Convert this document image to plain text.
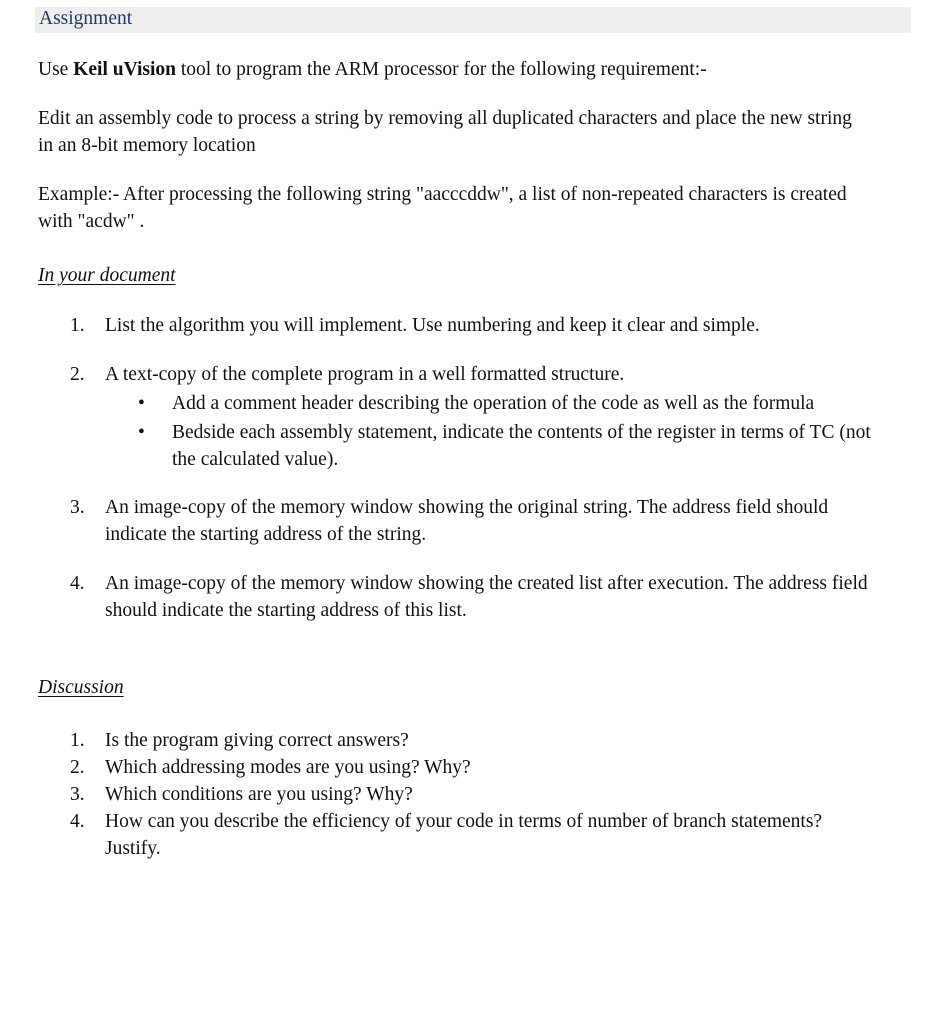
Assignment
Use Keil uVision tool to program the ARM processor for the following requirement:-
Edit an assembly code to process a string by removing all duplicated characters and place the new string
in an 8-bit memory location
Example:- After processing the following string "aacccddw", a list of non-repeated characters is created
with "acdw" .
In your document
1.	List the algorithm you will implement. Use numbering and keep it clear and simple.
2.	A text-copy of the complete program in a well formatted structure.
•	Add a comment header describing the operation of the code as well as the formula
•	Bedside each assembly statement, indicate the contents of the register in terms of TC (not
the calculated value).
3.	An image-copy of the memory window showing the original string. The address field should
indicate the starting address of the string.
4.	An image-copy of the memory window showing the created list after execution. The address field
should indicate the starting address of this list.
Discussion
1.	Is the program giving correct answers?
2.	Which addressing modes are you using? Why?
3.	Which conditions are you using? Why?
4.	How can you describe the efficiency of your code in terms of number of branch statements?
Justify.
